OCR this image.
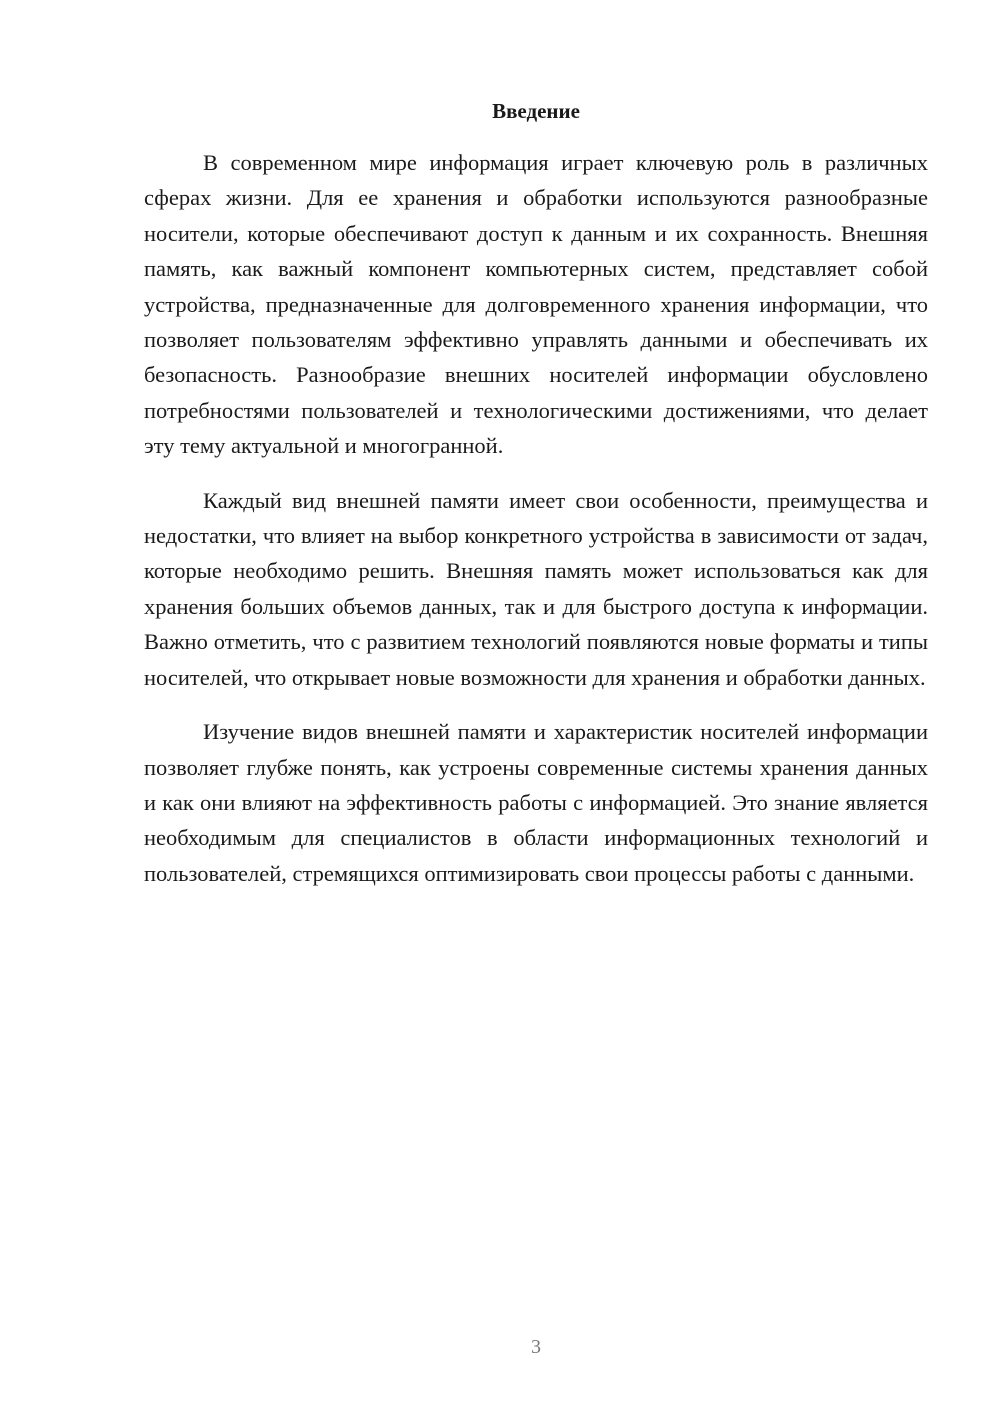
Введение

В современном мире информация играет ключевую роль в различных сферах жизни. Для ее хранения и обработки используются разнообразные носители, которые обеспечивают доступ к данным и их сохранность. Внешняя память, как важный компонент компьютерных систем, представляет собой устройства, предназначенные для долговременного хранения информации, что позволяет пользователям эффективно управлять данными и обеспечивать их безопасность. Разнообразие внешних носителей информации обусловлено потребностями пользователей и технологическими достижениями, что делает эту тему актуальной и многогранной.

Каждый вид внешней памяти имеет свои особенности, преимущества и недостатки, что влияет на выбор конкретного устройства в зависимости от задач, которые необходимо решить. Внешняя память может использоваться как для хранения больших объемов данных, так и для быстрого доступа к информации. Важно отметить, что с развитием технологий появляются новые форматы и типы носителей, что открывает новые возможности для хранения и обработки данных.

Изучение видов внешней памяти и характеристик носителей информации позволяет глубже понять, как устроены современные системы хранения данных и как они влияют на эффективность работы с информацией. Это знание является необходимым для специалистов в области информационных технологий и пользователей, стремящихся оптимизировать свои процессы работы с данными.

3
